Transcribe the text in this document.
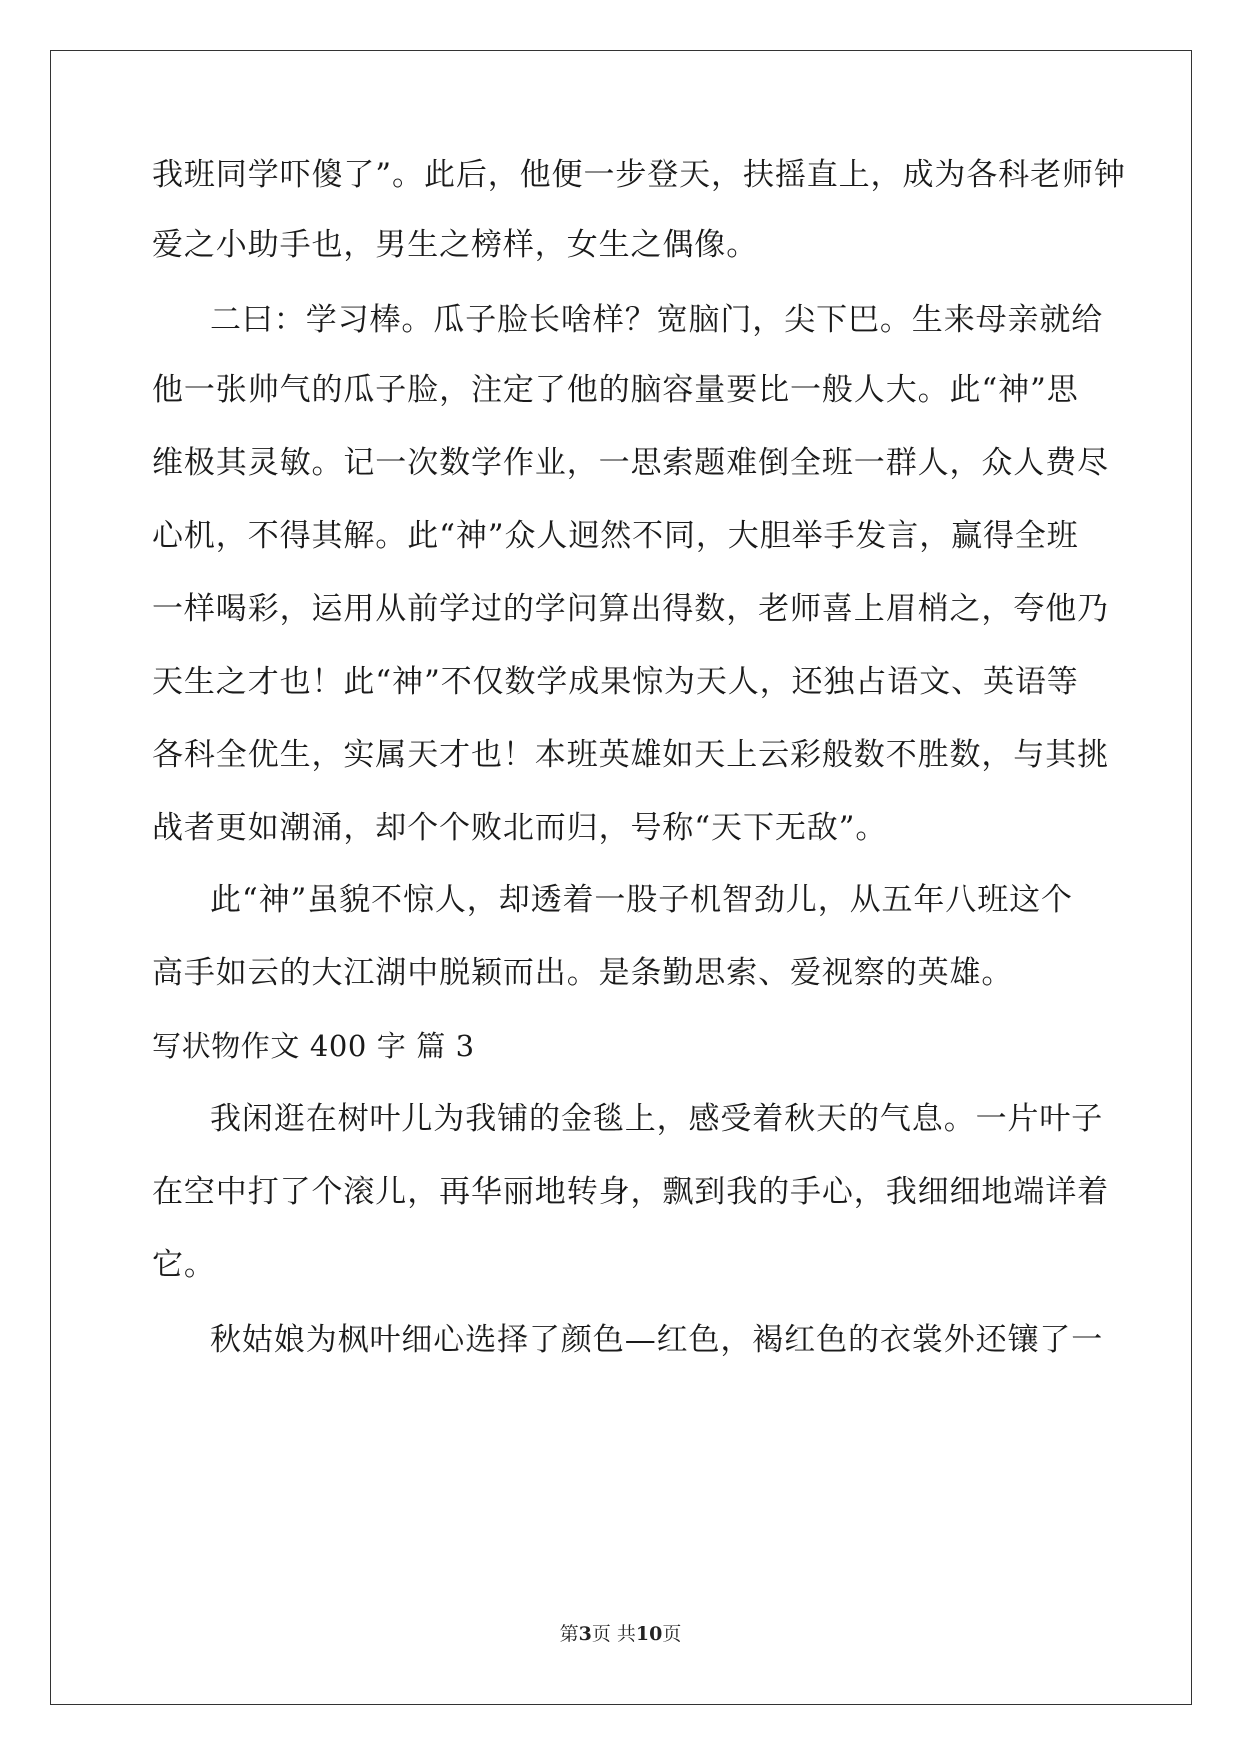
我班同学吓傻了”。此后，他便一步登天，扶摇直上，成为各科老师钟
爱之小助手也，男生之榜样，女生之偶像。
二曰：学习棒。瓜子脸长啥样？宽脑门，尖下巴。生来母亲就给
他一张帅气的瓜子脸，注定了他的脑容量要比一般人大。此“神”思
维极其灵敏。记一次数学作业，一思索题难倒全班一群人，众人费尽
心机，不得其解。此“神”众人迥然不同，大胆举手发言，赢得全班
一样喝彩，运用从前学过的学问算出得数，老师喜上眉梢之，夸他乃
天生之才也！此“神”不仅数学成果惊为天人，还独占语文、英语等
各科全优生，实属天才也！本班英雄如天上云彩般数不胜数，与其挑
战者更如潮涌，却个个败北而归，号称“天下无敌”。
此“神”虽貌不惊人，却透着一股子机智劲儿，从五年八班这个
高手如云的大江湖中脱颖而出。是条勤思索、爱视察的英雄。
写状物作文 400 字 篇 3
我闲逛在树叶儿为我铺的金毯上，感受着秋天的气息。一片叶子
在空中打了个滚儿，再华丽地转身，飘到我的手心，我细细地端详着
它。
秋姑娘为枫叶细心选择了颜色—红色，褐红色的衣裳外还镶了一
第3页 共10页
